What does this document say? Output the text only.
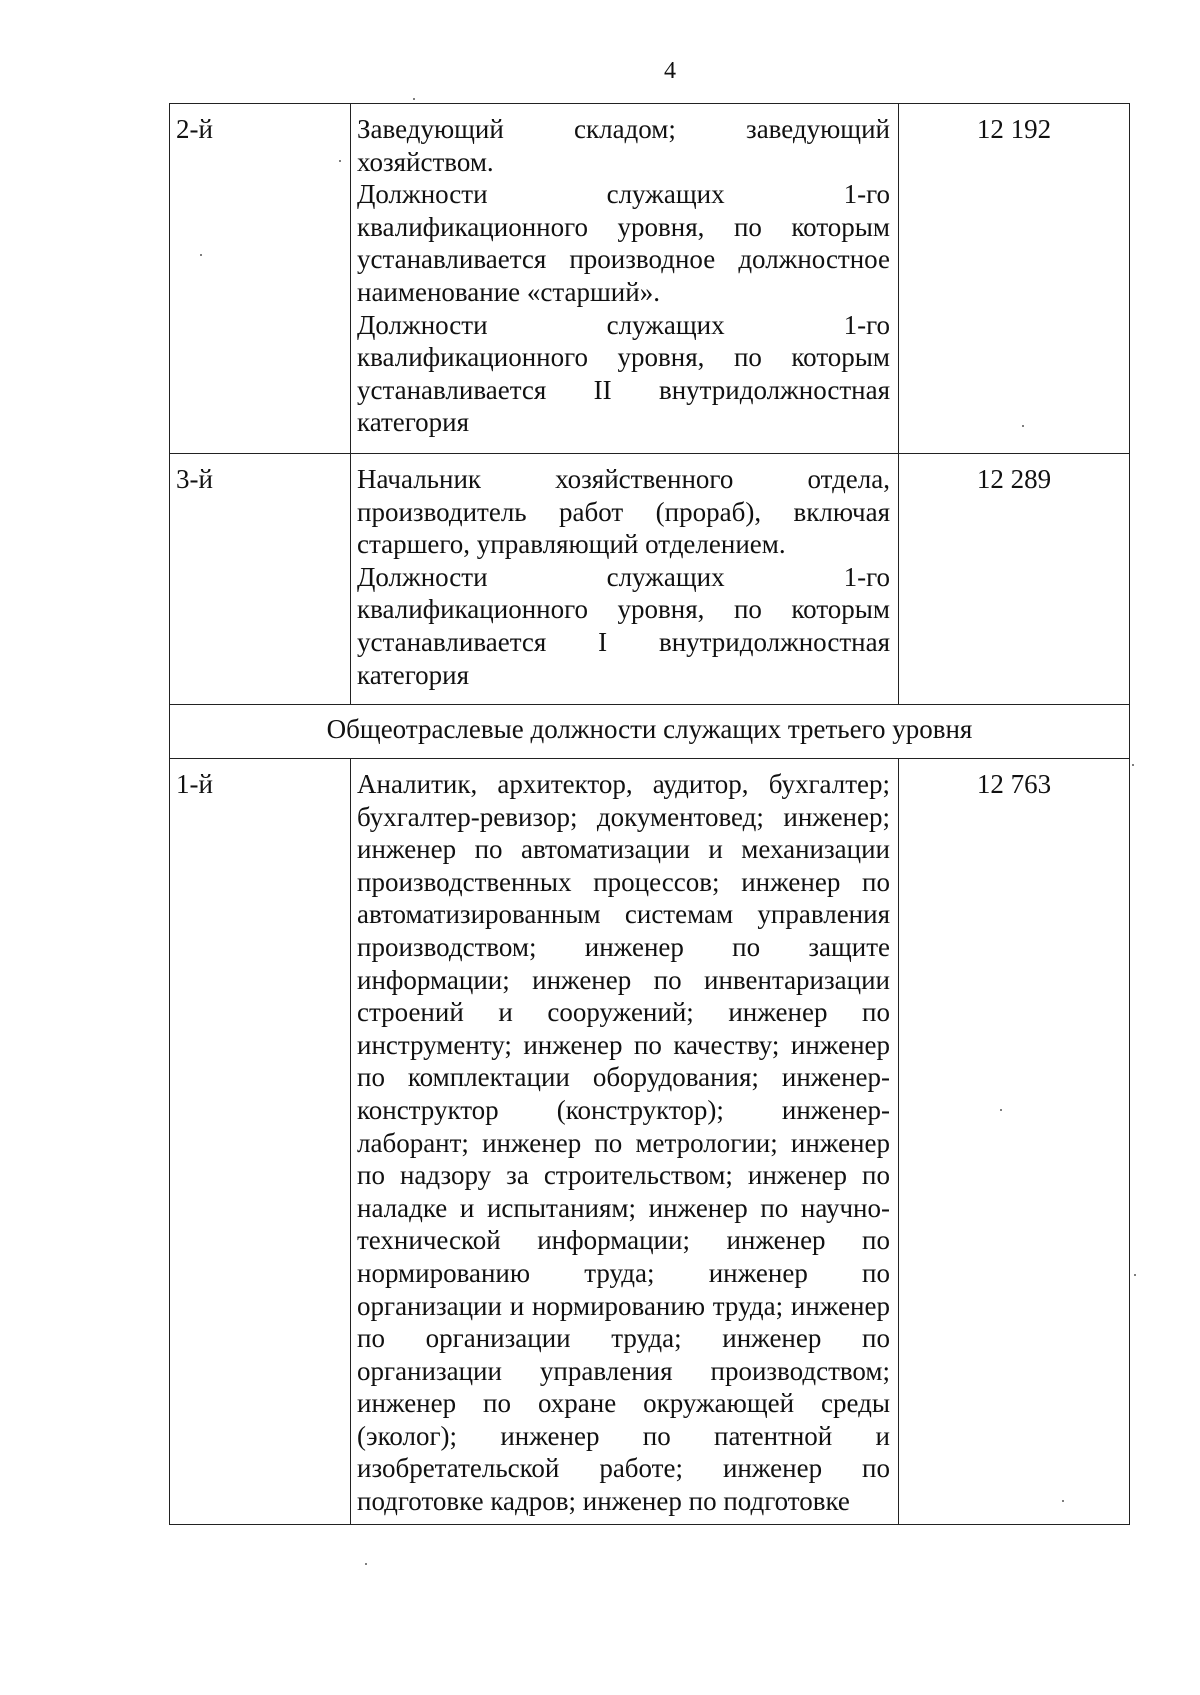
4
2-й	Заведующий складом; заведующий хозяйством.
Должности служащих 1-го квалификационного уровня, по которым устанавливается производное должностное наименование «старший».
Должности служащих 1-го квалификационного уровня, по которым устанавливается II внутридолжностная категория	12 192
3-й	Начальник хозяйственного отдела, производитель работ (прораб), включая старшего, управляющий отделением.
Должности служащих 1-го квалификационного уровня, по которым устанавливается I внутридолжностная категория	12 289
Общеотраслевые должности служащих третьего уровня		
1-й	Аналитик, архитектор, аудитор, бухгалтер; бухгалтер-ревизор; документовед; инженер; инженер по автоматизации и механизации производственных процессов; инженер по автоматизированным системам управления производством; инженер по защите информации; инженер по инвентаризации строений и сооружений; инженер по инструменту; инженер по качеству; инженер по комплектации оборудования; инженер-конструктор (конструктор); инженер-лаборант; инженер по метрологии; инженер по надзору за строительством; инженер по наладке и испытаниям; инженер по научно-технической информации; инженер по нормированию труда; инженер по организации и нормированию труда; инженер по организации труда; инженер по организации управления производством; инженер по охране окружающей среды (эколог); инженер по патентной и изобретательской работе; инженер по подготовке кадров; инженер по подготовке	12 763
